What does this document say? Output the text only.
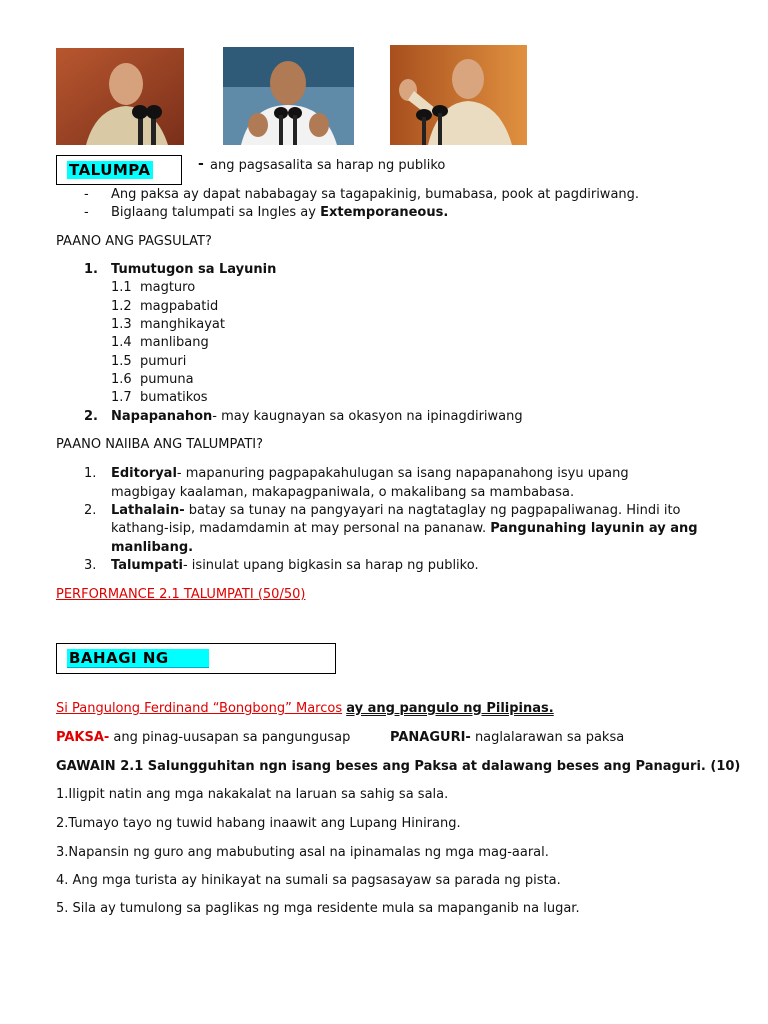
TALUMPA	- ang pagsasalita sa harap ng publiko
- Ang paksa ay dapat nababagay sa tagapakinig, bumabasa, pook at pagdiriwang.
- Biglaang talumpati sa Ingles ay Extemporaneous.
PAANO ANG PAGSULAT?
1. Tumutugon sa Layunin
1.1 magturo
1.2 magpabatid
1.3 manghikayat
1.4 manlibang
1.5 pumuri
1.6 pumuna
1.7 bumatikos
2. Napapanahon- may kaugnayan sa okasyon na ipinagdiriwang
PAANO NAIIBA ANG TALUMPATI?
1. Editoryal- mapanuring pagpapakahulugan sa isang napapanahong isyu upang
magbigay kaalaman, makapagpaniwala, o makalibang sa mambabasa.
2. Lathalain- batay sa tunay na pangyayari na nagtataglay ng pagpapaliwanag. Hindi ito
kathang-isip, madamdamin at may personal na pananaw. Pangunahing layunin ay ang
manlibang.
3. Talumpati- isinulat upang bigkasin sa harap ng publiko.
PERFORMANCE 2.1 TALUMPATI (50/50)
BAHAGI NG
Si Pangulong Ferdinand “Bongbong” Marcos ay ang pangulo ng Pilipinas.
PAKSA- ang pinag-uusapan sa pangungusap	PANAGURI- naglalarawan sa paksa
GAWAIN 2.1 Salungguhitan ngn isang beses ang Paksa at dalawang beses ang Panaguri. (10)
1.Iligpit natin ang mga nakakalat na laruan sa sahig sa sala.
2.Tumayo tayo ng tuwid habang inaawit ang Lupang Hinirang.
3.Napansin ng guro ang mabubuting asal na ipinamalas ng mga mag-aaral.
4. Ang mga turista ay hinikayat na sumali sa pagsasayaw sa parada ng pista.
5. Sila ay tumulong sa paglikas ng mga residente mula sa mapanganib na lugar.
